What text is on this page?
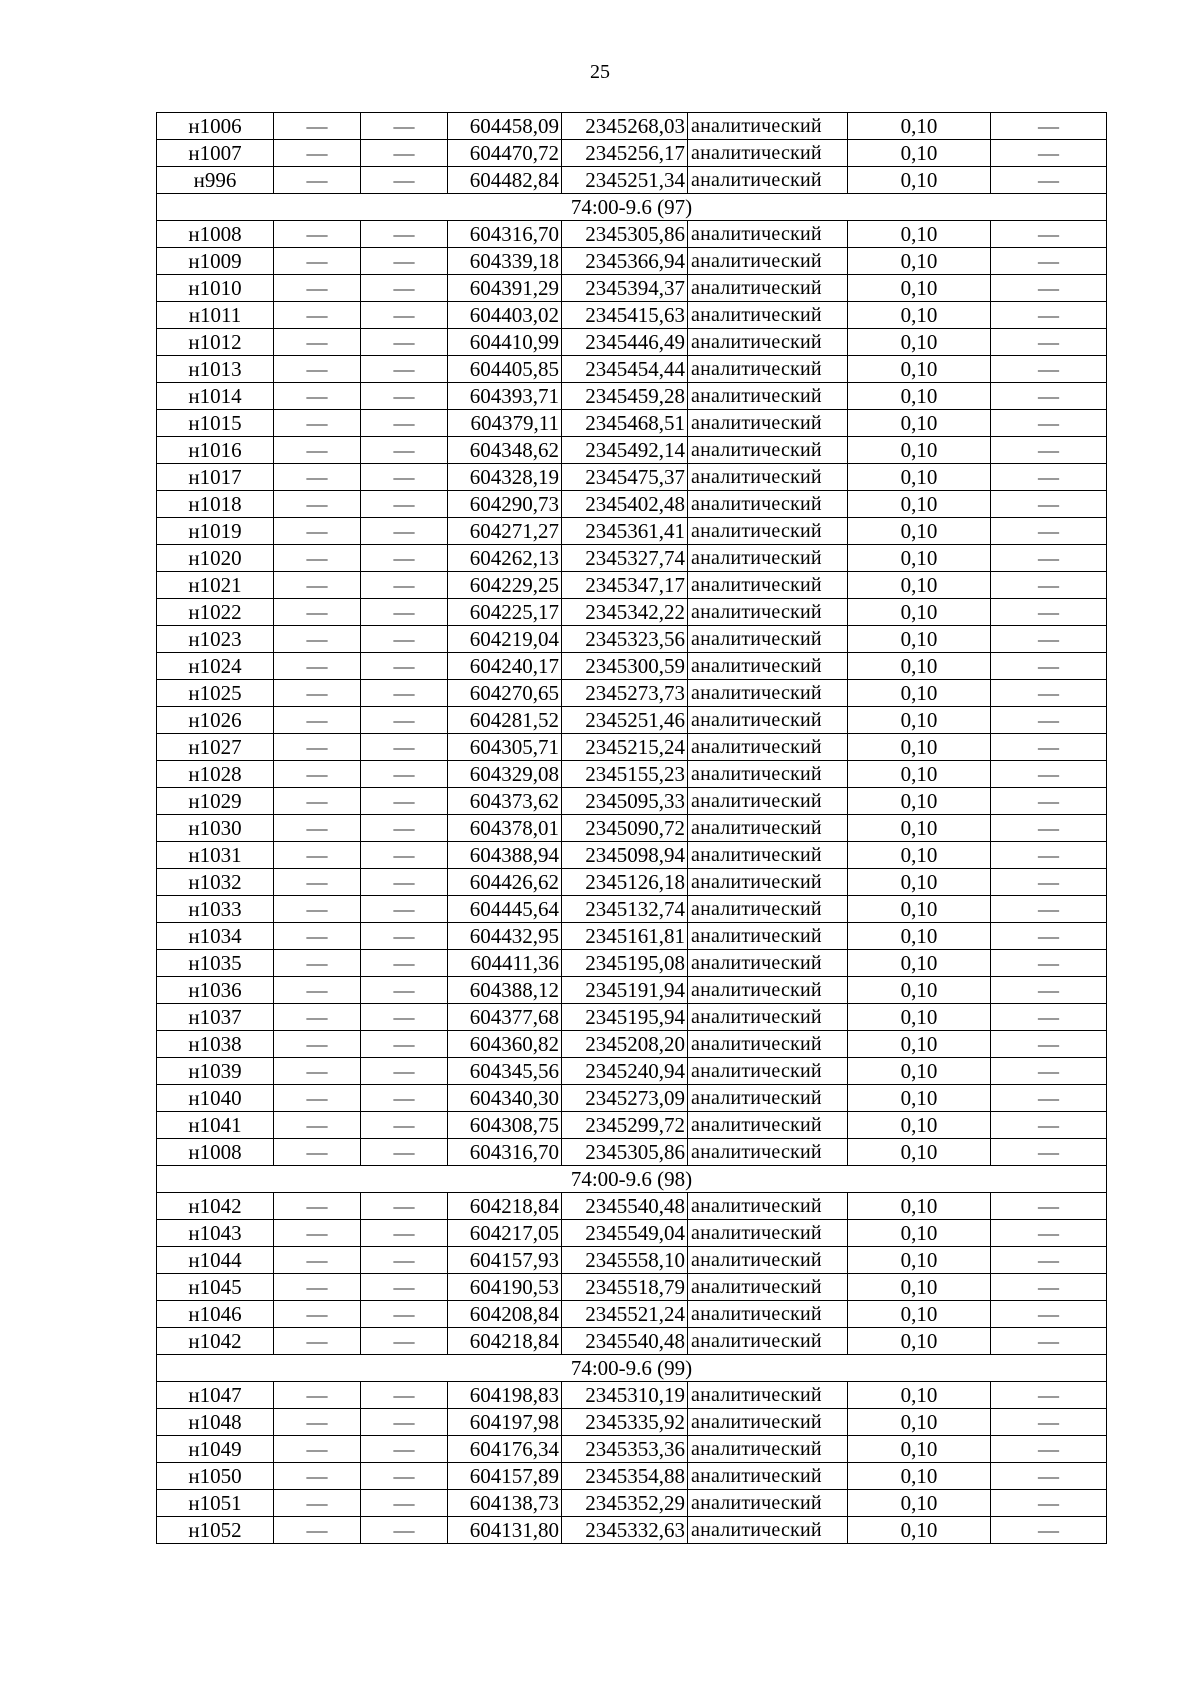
25
н1006	—	—	604458,09	2345268,03	аналитический	0,10	—
н1007	—	—	604470,72	2345256,17	аналитический	0,10	—
н996	—	—	604482,84	2345251,34	аналитический	0,10	—
74:00-9.6 (97)							
н1008	—	—	604316,70	2345305,86	аналитический	0,10	—
н1009	—	—	604339,18	2345366,94	аналитический	0,10	—
н1010	—	—	604391,29	2345394,37	аналитический	0,10	—
н1011	—	—	604403,02	2345415,63	аналитический	0,10	—
н1012	—	—	604410,99	2345446,49	аналитический	0,10	—
н1013	—	—	604405,85	2345454,44	аналитический	0,10	—
н1014	—	—	604393,71	2345459,28	аналитический	0,10	—
н1015	—	—	604379,11	2345468,51	аналитический	0,10	—
н1016	—	—	604348,62	2345492,14	аналитический	0,10	—
н1017	—	—	604328,19	2345475,37	аналитический	0,10	—
н1018	—	—	604290,73	2345402,48	аналитический	0,10	—
н1019	—	—	604271,27	2345361,41	аналитический	0,10	—
н1020	—	—	604262,13	2345327,74	аналитический	0,10	—
н1021	—	—	604229,25	2345347,17	аналитический	0,10	—
н1022	—	—	604225,17	2345342,22	аналитический	0,10	—
н1023	—	—	604219,04	2345323,56	аналитический	0,10	—
н1024	—	—	604240,17	2345300,59	аналитический	0,10	—
н1025	—	—	604270,65	2345273,73	аналитический	0,10	—
н1026	—	—	604281,52	2345251,46	аналитический	0,10	—
н1027	—	—	604305,71	2345215,24	аналитический	0,10	—
н1028	—	—	604329,08	2345155,23	аналитический	0,10	—
н1029	—	—	604373,62	2345095,33	аналитический	0,10	—
н1030	—	—	604378,01	2345090,72	аналитический	0,10	—
н1031	—	—	604388,94	2345098,94	аналитический	0,10	—
н1032	—	—	604426,62	2345126,18	аналитический	0,10	—
н1033	—	—	604445,64	2345132,74	аналитический	0,10	—
н1034	—	—	604432,95	2345161,81	аналитический	0,10	—
н1035	—	—	604411,36	2345195,08	аналитический	0,10	—
н1036	—	—	604388,12	2345191,94	аналитический	0,10	—
н1037	—	—	604377,68	2345195,94	аналитический	0,10	—
н1038	—	—	604360,82	2345208,20	аналитический	0,10	—
н1039	—	—	604345,56	2345240,94	аналитический	0,10	—
н1040	—	—	604340,30	2345273,09	аналитический	0,10	—
н1041	—	—	604308,75	2345299,72	аналитический	0,10	—
н1008	—	—	604316,70	2345305,86	аналитический	0,10	—
74:00-9.6 (98)							
н1042	—	—	604218,84	2345540,48	аналитический	0,10	—
н1043	—	—	604217,05	2345549,04	аналитический	0,10	—
н1044	—	—	604157,93	2345558,10	аналитический	0,10	—
н1045	—	—	604190,53	2345518,79	аналитический	0,10	—
н1046	—	—	604208,84	2345521,24	аналитический	0,10	—
н1042	—	—	604218,84	2345540,48	аналитический	0,10	—
74:00-9.6 (99)							
н1047	—	—	604198,83	2345310,19	аналитический	0,10	—
н1048	—	—	604197,98	2345335,92	аналитический	0,10	—
н1049	—	—	604176,34	2345353,36	аналитический	0,10	—
н1050	—	—	604157,89	2345354,88	аналитический	0,10	—
н1051	—	—	604138,73	2345352,29	аналитический	0,10	—
н1052	—	—	604131,80	2345332,63	аналитический	0,10	—
